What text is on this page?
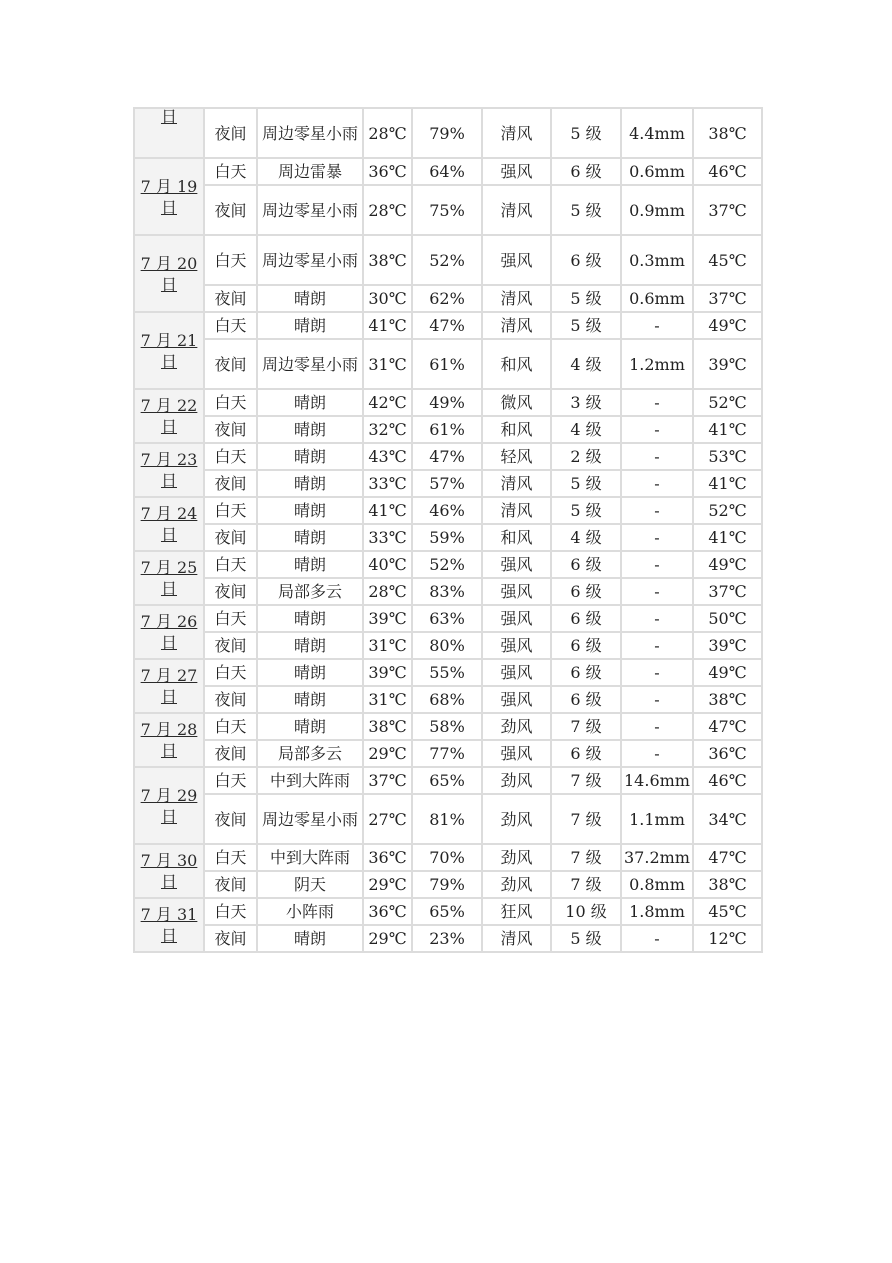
日	夜间	周边零星小雨	28℃	79%	清风	5 级	4.4mm	38℃
7 月 19 日	白天	周边雷暴	36℃	64%	强风	6 级	0.6mm	46℃
	夜间	周边零星小雨	28℃	75%	清风	5 级	0.9mm	37℃
7 月 20 日	白天	周边零星小雨	38℃	52%	强风	6 级	0.3mm	45℃
	夜间	晴朗	30℃	62%	清风	5 级	0.6mm	37℃
7 月 21 日	白天	晴朗	41℃	47%	清风	5 级	-	49℃
	夜间	周边零星小雨	31℃	61%	和风	4 级	1.2mm	39℃
7 月 22 日	白天	晴朗	42℃	49%	微风	3 级	-	52℃
	夜间	晴朗	32℃	61%	和风	4 级	-	41℃
7 月 23 日	白天	晴朗	43℃	47%	轻风	2 级	-	53℃
	夜间	晴朗	33℃	57%	清风	5 级	-	41℃
7 月 24 日	白天	晴朗	41℃	46%	清风	5 级	-	52℃
	夜间	晴朗	33℃	59%	和风	4 级	-	41℃
7 月 25 日	白天	晴朗	40℃	52%	强风	6 级	-	49℃
	夜间	局部多云	28℃	83%	强风	6 级	-	37℃
7 月 26 日	白天	晴朗	39℃	63%	强风	6 级	-	50℃
	夜间	晴朗	31℃	80%	强风	6 级	-	39℃
7 月 27 日	白天	晴朗	39℃	55%	强风	6 级	-	49℃
	夜间	晴朗	31℃	68%	强风	6 级	-	38℃
7 月 28 日	白天	晴朗	38℃	58%	劲风	7 级	-	47℃
	夜间	局部多云	29℃	77%	强风	6 级	-	36℃
7 月 29 日	白天	中到大阵雨	37℃	65%	劲风	7 级	14.6mm	46℃
	夜间	周边零星小雨	27℃	81%	劲风	7 级	1.1mm	34℃
7 月 30 日	白天	中到大阵雨	36℃	70%	劲风	7 级	37.2mm	47℃
	夜间	阴天	29℃	79%	劲风	7 级	0.8mm	38℃
7 月 31 日	白天	小阵雨	36℃	65%	狂风	10 级	1.8mm	45℃
	夜间	晴朗	29℃	23%	清风	5 级	-	12℃
